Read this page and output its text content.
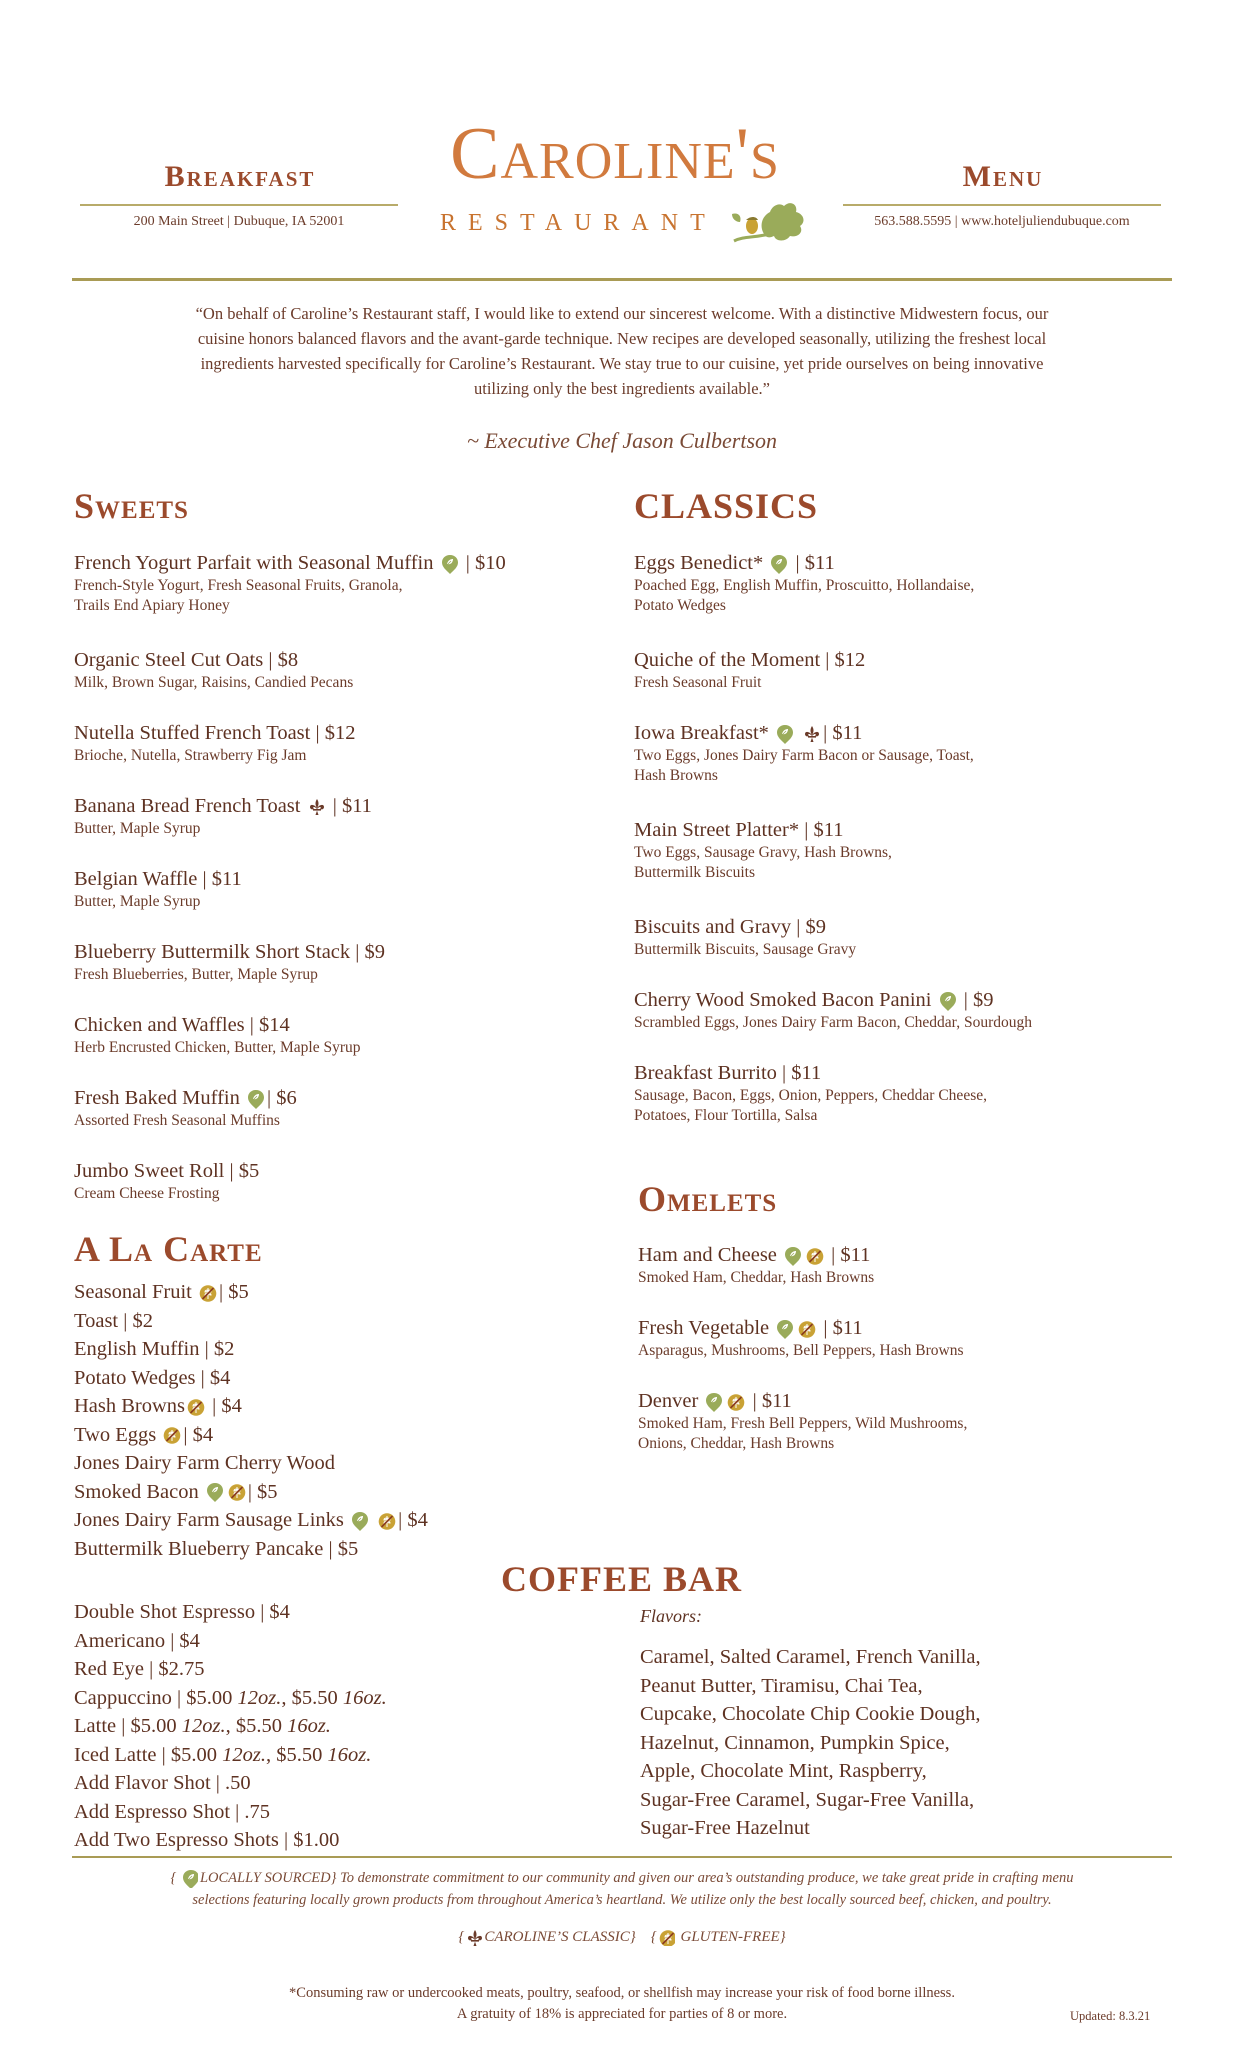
Breakfast
200 Main Street | Dubuque, IA 52001
Caroline's
RESTAURANT
Menu
563.588.5595 | www.hoteljuliendubuque.com
“On behalf of Caroline’s Restaurant staff, I would like to extend our sincerest welcome. With a distinctive Midwestern focus, our
cuisine honors balanced flavors and the avant-garde technique. New recipes are developed seasonally, utilizing the freshest local
ingredients harvested specifically for Caroline’s Restaurant. We stay true to our cuisine, yet pride ourselves on being innovative
utilizing only the best ingredients available.”
~ Executive Chef Jason Culbertson
Sweets
French Yogurt Parfait with Seasonal Muffin | $10
French-Style Yogurt, Fresh Seasonal Fruits, Granola,
Trails End Apiary Honey
Organic Steel Cut Oats | $8
Milk, Brown Sugar, Raisins, Candied Pecans
Nutella Stuffed French Toast | $12
Brioche, Nutella, Strawberry Fig Jam
Banana Bread French Toast | $11
Butter, Maple Syrup
Belgian Waffle | $11
Butter, Maple Syrup
Blueberry Buttermilk Short Stack | $9
Fresh Blueberries, Butter, Maple Syrup
Chicken and Waffles | $14
Herb Encrusted Chicken, Butter, Maple Syrup
Fresh Baked Muffin | $6
Assorted Fresh Seasonal Muffins
Jumbo Sweet Roll | $5
Cream Cheese Frosting
A La Carte
Seasonal Fruit | $5
Toast | $2
English Muffin | $2
Potato Wedges | $4
Hash Browns | $4
Two Eggs | $4
Jones Dairy Farm Cherry Wood
Smoked Bacon | $5
Jones Dairy Farm Sausage Links	| $4
Buttermilk Blueberry Pancake | $5
CLASSICS
Eggs Benedict* | $11
Poached Egg, English Muffin, Proscuitto, Hollandaise,
Potato Wedges
Quiche of the Moment | $12
Fresh Seasonal Fruit
Iowa Breakfast*	| $11
Two Eggs, Jones Dairy Farm Bacon or Sausage, Toast,
Hash Browns
Main Street Platter* | $11
Two Eggs, Sausage Gravy, Hash Browns,
Buttermilk Biscuits
Biscuits and Gravy | $9
Buttermilk Biscuits, Sausage Gravy
Cherry Wood Smoked Bacon Panini | $9
Scrambled Eggs, Jones Dairy Farm Bacon, Cheddar, Sourdough
Breakfast Burrito | $11
Sausage, Bacon, Eggs, Onion, Peppers, Cheddar Cheese,
Potatoes, Flour Tortilla, Salsa
Omelets
Ham and Cheese	| $11
Smoked Ham, Cheddar, Hash Browns
Fresh Vegetable	| $11
Asparagus, Mushrooms, Bell Peppers, Hash Browns
Denver	| $11
Smoked Ham, Fresh Bell Peppers, Wild Mushrooms,
Onions, Cheddar, Hash Browns
COFFEE BAR
Double Shot Espresso | $4
Americano | $4
Red Eye | $2.75
Cappuccino | $5.00 12oz., $5.50 16oz.
Latte | $5.00 12oz., $5.50 16oz.
Iced Latte | $5.00 12oz., $5.50 16oz.
Add Flavor Shot | .50
Add Espresso Shot | .75
Add Two Espresso Shots | $1.00
Flavors:
Caramel, Salted Caramel, French Vanilla,
Peanut Butter, Tiramisu, Chai Tea,
Cupcake, Chocolate Chip Cookie Dough,
Hazelnut, Cinnamon, Pumpkin Spice,
Apple, Chocolate Mint, Raspberry,
Sugar-Free Caramel, Sugar-Free Vanilla,
Sugar-Free Hazelnut
{ LOCALLY SOURCED} To demonstrate commitment to our community and given our area’s outstanding produce, we take great pride in crafting menu
selections featuring locally grown products from throughout America’s heartland. We utilize only the best locally sourced beef, chicken, and poultry.
{ CAROLINE’S CLASSIC}    { GLUTEN-FREE}
*Consuming raw or undercooked meats, poultry, seafood, or shellfish may increase your risk of food borne illness.
A gratuity of 18% is appreciated for parties of 8 or more.	Updated: 8.3.21
